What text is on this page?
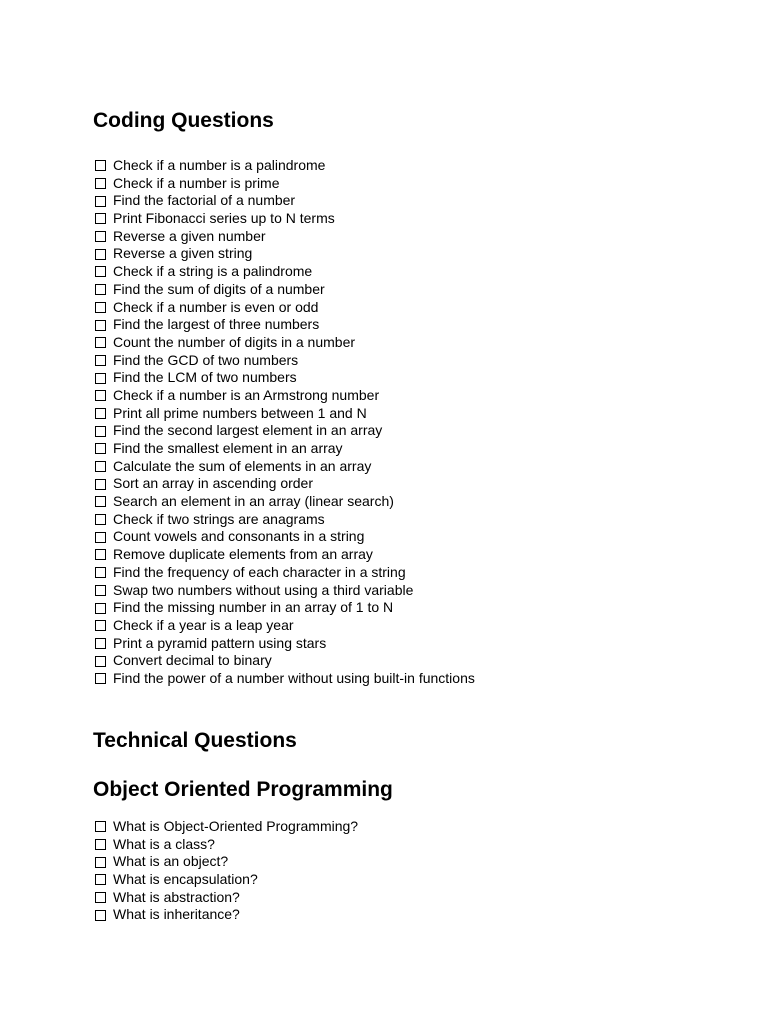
Coding Questions
Check if a number is a palindrome
Check if a number is prime
Find the factorial of a number
Print Fibonacci series up to N terms
Reverse a given number
Reverse a given string
Check if a string is a palindrome
Find the sum of digits of a number
Check if a number is even or odd
Find the largest of three numbers
Count the number of digits in a number
Find the GCD of two numbers
Find the LCM of two numbers
Check if a number is an Armstrong number
Print all prime numbers between 1 and N
Find the second largest element in an array
Find the smallest element in an array
Calculate the sum of elements in an array
Sort an array in ascending order
Search an element in an array (linear search)
Check if two strings are anagrams
Count vowels and consonants in a string
Remove duplicate elements from an array
Find the frequency of each character in a string
Swap two numbers without using a third variable
Find the missing number in an array of 1 to N
Check if a year is a leap year
Print a pyramid pattern using stars
Convert decimal to binary
Find the power of a number without using built-in functions
Technical Questions
Object Oriented Programming
What is Object-Oriented Programming?
What is a class?
What is an object?
What is encapsulation?
What is abstraction?
What is inheritance?
